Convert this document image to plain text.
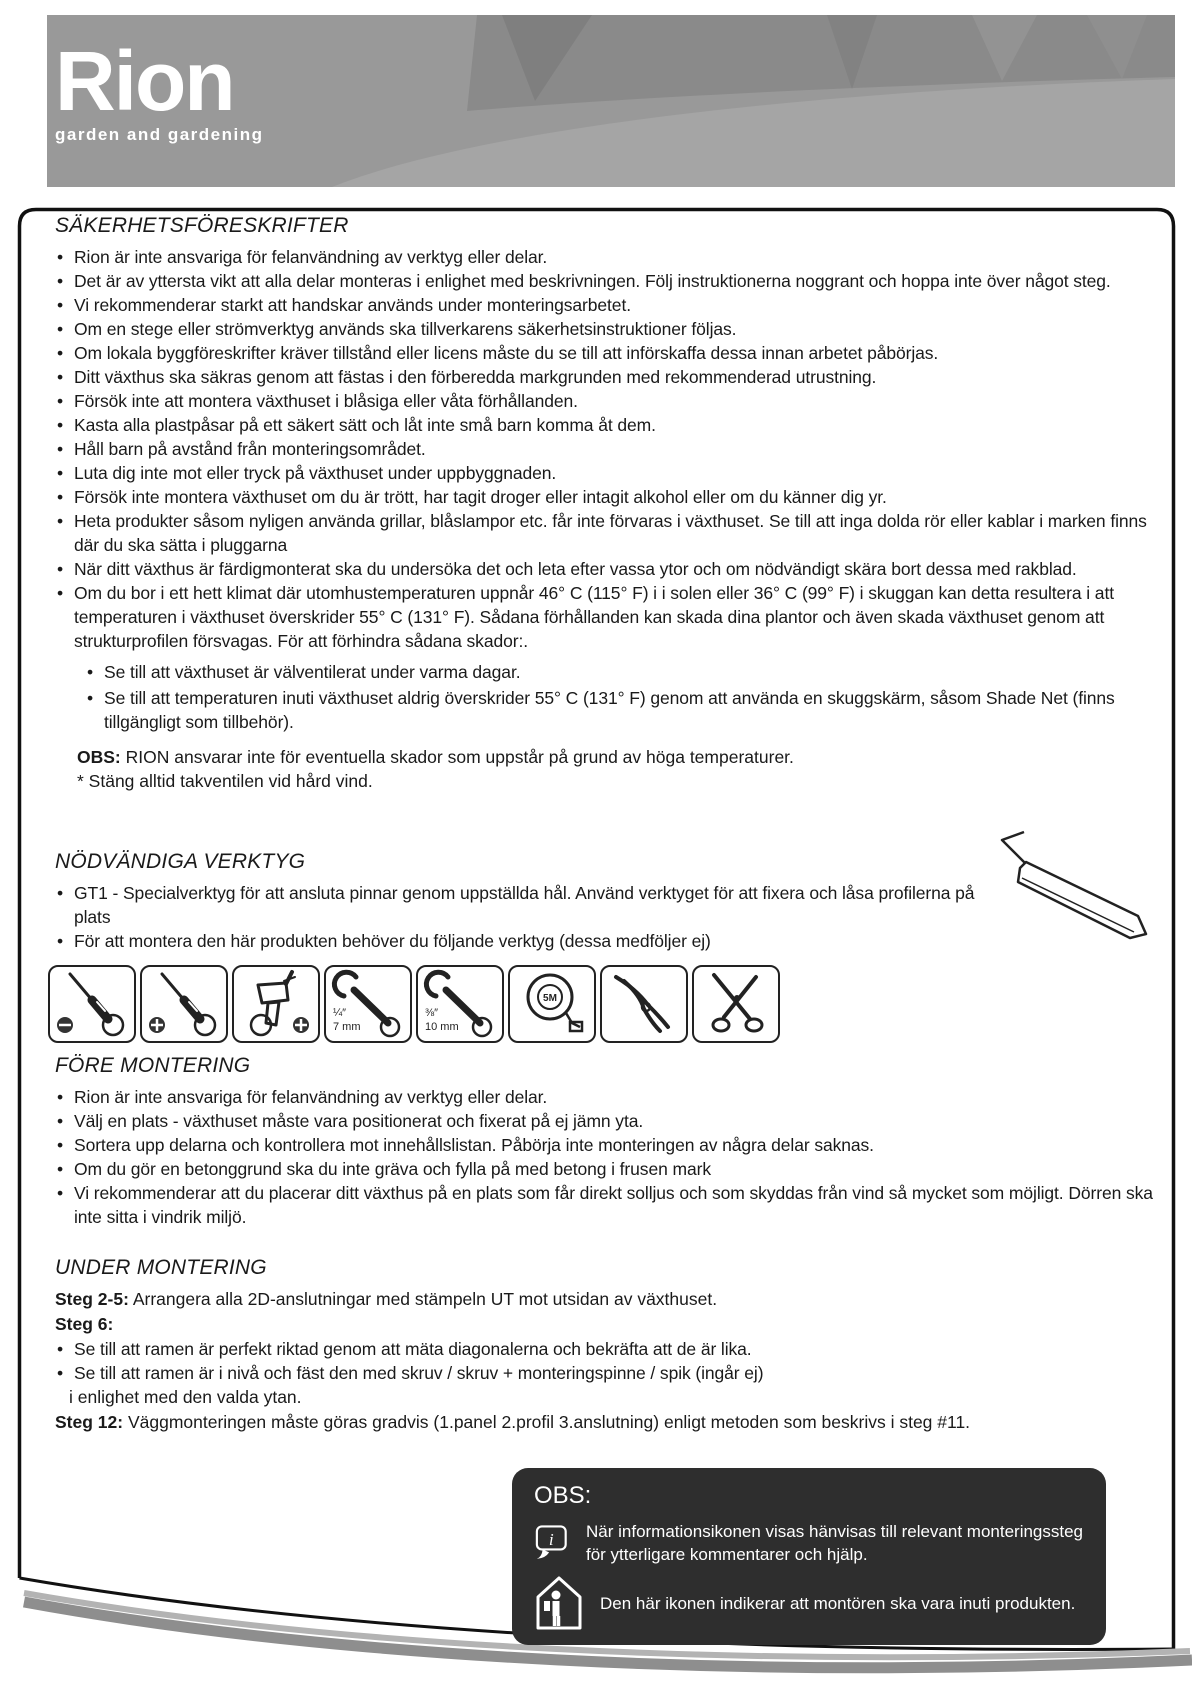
Rion
garden and gardening
SÄKERHETSFÖRESKRIFTER
• Rion är inte ansvariga för felanvändning av verktyg eller delar.
• Det är av yttersta vikt att alla delar monteras i enlighet med beskrivningen. Följ instruktionerna noggrant och hoppa inte över något steg.
• Vi rekommenderar starkt att handskar används under monteringsarbetet.
• Om en stege eller strömverktyg används ska tillverkarens säkerhetsinstruktioner följas.
• Om lokala byggföreskrifter kräver tillstånd eller licens måste du se till att införskaffa dessa innan arbetet påbörjas.
• Ditt växthus ska säkras genom att fästas i den förberedda markgrunden med rekommenderad utrustning.
• Försök inte att montera växthuset i blåsiga eller våta förhållanden.
• Kasta alla plastpåsar på ett säkert sätt och låt inte små barn komma åt dem.
• Håll barn på avstånd från monteringsområdet.
• Luta dig inte mot eller tryck på växthuset under uppbyggnaden.
• Försök inte montera växthuset om du är trött, har tagit droger eller intagit alkohol eller om du känner dig yr.
• Heta produkter såsom nyligen använda grillar, blåslampor etc. får inte förvaras i växthuset. Se till att inga dolda rör eller kablar i marken finns där du ska sätta i pluggarna
• När ditt växthus är färdigmonterat ska du undersöka det och leta efter vassa ytor och om nödvändigt skära bort dessa med rakblad.
• Om du bor i ett hett klimat där utomhustemperaturen uppnår 46° C (115° F) i i solen eller 36° C (99° F) i skuggan kan detta resultera i att temperaturen i växthuset överskrider 55° C (131° F). Sådana förhållanden kan skada dina plantor och även skada växthuset genom att strukturprofilen försvagas. För att förhindra sådana skador:.
• Se till att växthuset är välventilerat under varma dagar.
• Se till att temperaturen inuti växthuset aldrig överskrider 55° C (131° F) genom att använda en skuggskärm, såsom Shade Net (finns tillgängligt som tillbehör).
OBS: RION ansvarar inte för eventuella skador som uppstår på grund av höga temperaturer.
* Stäng alltid takventilen vid hård vind.
NÖDVÄNDIGA VERKTYG
• GT1 - Specialverktyg för att ansluta pinnar genom uppställda hål. Använd verktyget för att fixera och låsa profilerna på plats
• För att montera den här produkten behöver du följande verktyg (dessa medföljer ej)
¼″
7 mm
⅜″
10 mm
5M
FÖRE MONTERING
• Rion är inte ansvariga för felanvändning av verktyg eller delar.
• Välj en plats - växthuset måste vara positionerat och fixerat på ej jämn yta.
• Sortera upp delarna och kontrollera mot innehållslistan. Påbörja inte monteringen av några delar saknas.
• Om du gör en betonggrund ska du inte gräva och fylla på med betong i frusen mark
• Vi rekommenderar att du placerar ditt växthus på en plats som får direkt solljus och som skyddas från vind så mycket som möjligt. Dörren ska inte sitta i vindrik miljö.
UNDER MONTERING
Steg 2-5: Arrangera alla 2D-anslutningar med stämpeln UT mot utsidan av växthuset.
Steg 6:
• Se till att ramen är perfekt riktad genom att mäta diagonalerna och bekräfta att de är lika.
• Se till att ramen är i nivå och fäst den med skruv / skruv + monteringspinne / spik (ingår ej)
i enlighet med den valda ytan.
Steg 12: Väggmonteringen måste göras gradvis (1.panel 2.profil 3.anslutning) enligt metoden som beskrivs i steg #11.
OBS:
i När informationsikonen visas hänvisas till relevant monteringssteg för ytterligare kommentarer och hjälp.
Den här ikonen indikerar att montören ska vara inuti produkten.
